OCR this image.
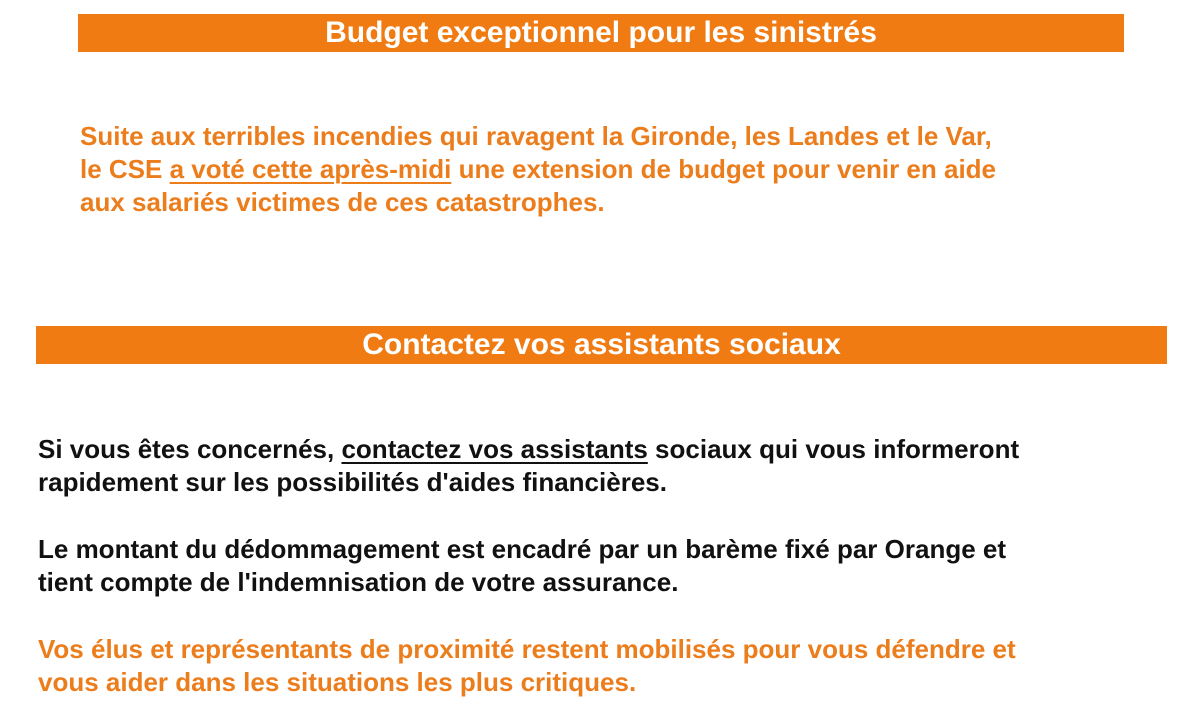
Budget exceptionnel pour les sinistrés

Suite aux terribles incendies qui ravagent la Gironde, les Landes et le Var,
le CSE a voté cette après-midi une extension de budget pour venir en aide
aux salariés victimes de ces catastrophes.

Contactez vos assistants sociaux

Si vous êtes concernés, contactez vos assistants sociaux qui vous informeront
rapidement sur les possibilités d'aides financières.

Le montant du dédommagement est encadré par un barème fixé par Orange et
tient compte de l'indemnisation de votre assurance.

Vos élus et représentants de proximité restent mobilisés pour vous défendre et
vous aider dans les situations les plus critiques.
